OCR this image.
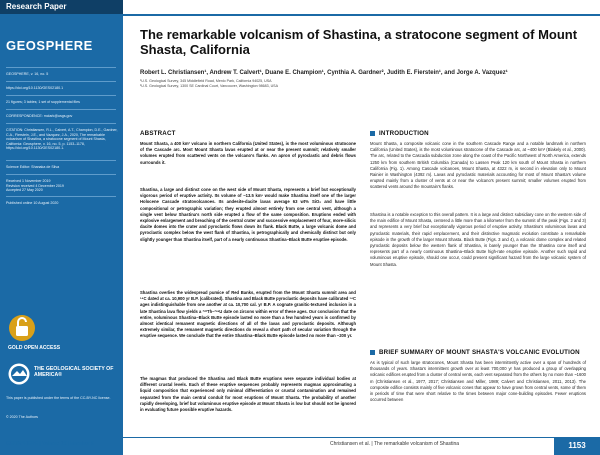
Research Paper
GEOSPHERE
GEOSPHERE, v. 16, no. 5
https://doi.org/10.1130/GES02180.1
21 figures; 3 tables; 1 set of supplemental files
CORRESPONDENCE: mclark@usgs.gov
CITATION: Christiansen, R.L., Calvert, A.T., Champion, D.E., Gardner, C.A., Fierstein, J.E., and Vazquez, J.A., 2020, The remarkable volcanism of Shastina, a stratocone segment of Mount Shasta, California: Geosphere, v. 16, no. 5, p. 1153–1178, https://doi.org/10.1130/GES02180.1.
Science Editor: Shanaka de Silva
Received 1 November 2019
Revision received 4 December 2019
Accepted 27 May 2020
Published online 10 August 2020
GOLD OPEN ACCESS
THE GEOLOGICAL SOCIETY OF AMERICA®
This paper is published under the terms of the CC-BY-NC license.
© 2020 The Authors
The remarkable volcanism of Shastina, a stratocone segment of Mount Shasta, California
Robert L. Christiansen¹, Andrew T. Calvert¹, Duane E. Champion¹, Cynthia A. Gardner², Judith E. Fierstein¹, and Jorge A. Vazquez¹
¹U.S. Geological Survey, 345 Middlefield Road, Menlo Park, California 94025, USA
²U.S. Geological Survey, 1300 SE Cardinal Court, Vancouver, Washington 98683, USA
ABSTRACT
Mount Shasta, a 400 km² volcano in northern California (United States), is the most voluminous stratocone of the Cascade arc. Most Mount Shasta lavas erupted at or near the present summit; relatively smaller volumes erupted from scattered vents on the volcano's flanks. An apron of pyroclastic and debris flows surrounds it.
Shastina, a large and distinct cone on the west side of Mount Shasta, represents a brief but exceptionally vigorous period of eruptive activity. Its volume of ~13.5 km³ would make Shastina itself one of the larger Holocene Cascade stratovolcanoes. Its andesite-dacite lavas average 63 wt% SiO₂ and have little compositional or petrographic variation; they erupted almost entirely from one central vent, although a single vent below Shastina's north side erupted a flow of the same composition. Eruptions ended with explosive enlargement and breaching of the central crater and successive emplacement of four, more-silicic dacite domes into the crater and pyroclastic flows down its flank. Black Butte, a large volcanic dome and pyroclastic complex below the west flank of Shastina, is petrographically and chemically distinct but only slightly younger than Shastina itself, part of a nearly continuous Shastina–Black Butte eruptive episode.
Shastina overlies the widespread pumice of Red Banks, erupted from the Mount Shasta summit area and ¹⁴C dated at ca. 10,900 yr B.P. (calibrated). Shastina and Black Butte pyroclastic deposits have calibrated ¹⁴C ages indistinguishable from one another at ca. 10,700 cal. yr B.P. A cognate granitic-textured inclusion in a late Shastina lava flow yields a ²³⁰Th–²³⁸U date on zircons within error of these ages. Our conclusion that the entire, voluminous Shastina–Black Butte episode lasted no more than a few hundred years is confirmed by almost identical remanent magnetic directions of all of the lavas and pyroclastic deposits. Although extremely similar, the remanent magnetic directions do reveal a short path of secular variation through the eruptive sequence. We conclude that the entire Shastina–Black Butte episode lasted no more than ~200 yr.
The magmas that produced the Shastina and Black Butte eruptions were separate individual bodies at different crustal levels. Each of these eruptive sequences probably represents magmas approximating a liquid composition that experienced only minimal differentiation or crustal contamination and remained separated from the main central conduit for most eruptions of Mount Shasta. The probability of another rapidly developing, brief but voluminous eruptive episode at Mount Shasta is low but should not be ignored in evaluating future possible eruptive hazards.
INTRODUCTION
Mount Shasta, a composite volcanic cone in the southern Cascade Range and a notable landmark in northern California (United States), is the most voluminous stratocone of the Cascade arc, at ~400 km³ (Blakely et al., 2000). The arc, related to the Cascadia subduction zone along the coast of the Pacific Northwest of North America, extends 1250 km from southern British Columbia (Canada) to Lassen Peak 120 km south of Mount Shasta in northern California (Fig. 1). Among Cascade volcanoes, Mount Shasta, at 4322 m, is second in elevation only to Mount Rainier in Washington (4392 m). Lavas and pyroclastic materials accounting for most of Mount Shasta's volume erupted mainly from a cluster of vents at or near the volcano's present summit; smaller volumes erupted from scattered vents around the mountain's flanks.
Shastina is a notable exception to this overall pattern. It is a large and distinct subsidiary cone on the western side of the main edifice of Mount Shasta, centered a little more than a kilometer from the summit of the peak (Figs. 2 and 3) and represents a very brief but exceptionally vigorous period of eruptive activity. Shastina's voluminous lavas and pyroclastic materials, their rapid emplacement, and their distinctive magmatic evolution constitute a remarkable episode in the growth of the larger Mount Shasta. Black Butte (Figs. 3 and 4), a volcanic dome complex and related pyroclastic deposits below the western flank of Shastina, is barely younger than the Shastina cone itself and represents part of a nearly continuous Shastina–Black Butte high-rate eruptive episode. Another such rapid and voluminous eruptive episode, should one occur, could present significant hazard from the large volcanic system of Mount Shasta.
BRIEF SUMMARY OF MOUNT SHASTA'S VOLCANIC EVOLUTION
As is typical of such large stratocones, Mount Shasta has been intermittently active over a span of hundreds of thousands of years. Shasta's intermittent growth over at least 700,000 yr has produced a group of overlapping volcanic edifices erupted from a cluster of central vents, each vent separated from the others by no more than ~1600 m (Christiansen et al., 1977, 2017; Christiansen and Miller, 1989; Calvert and Christiansen, 2011, 2013). The composite edifice consists mainly of five volcanic cones that appear to have grown from central vents, some of them in periods of time that were short relative to the times between major cone-building episodes. Fewer eruptions occurred between
GEOSPHERE | Volume 16 | Number 5	Christiansen et al. | The remarkable volcanism of Shastina	1153
